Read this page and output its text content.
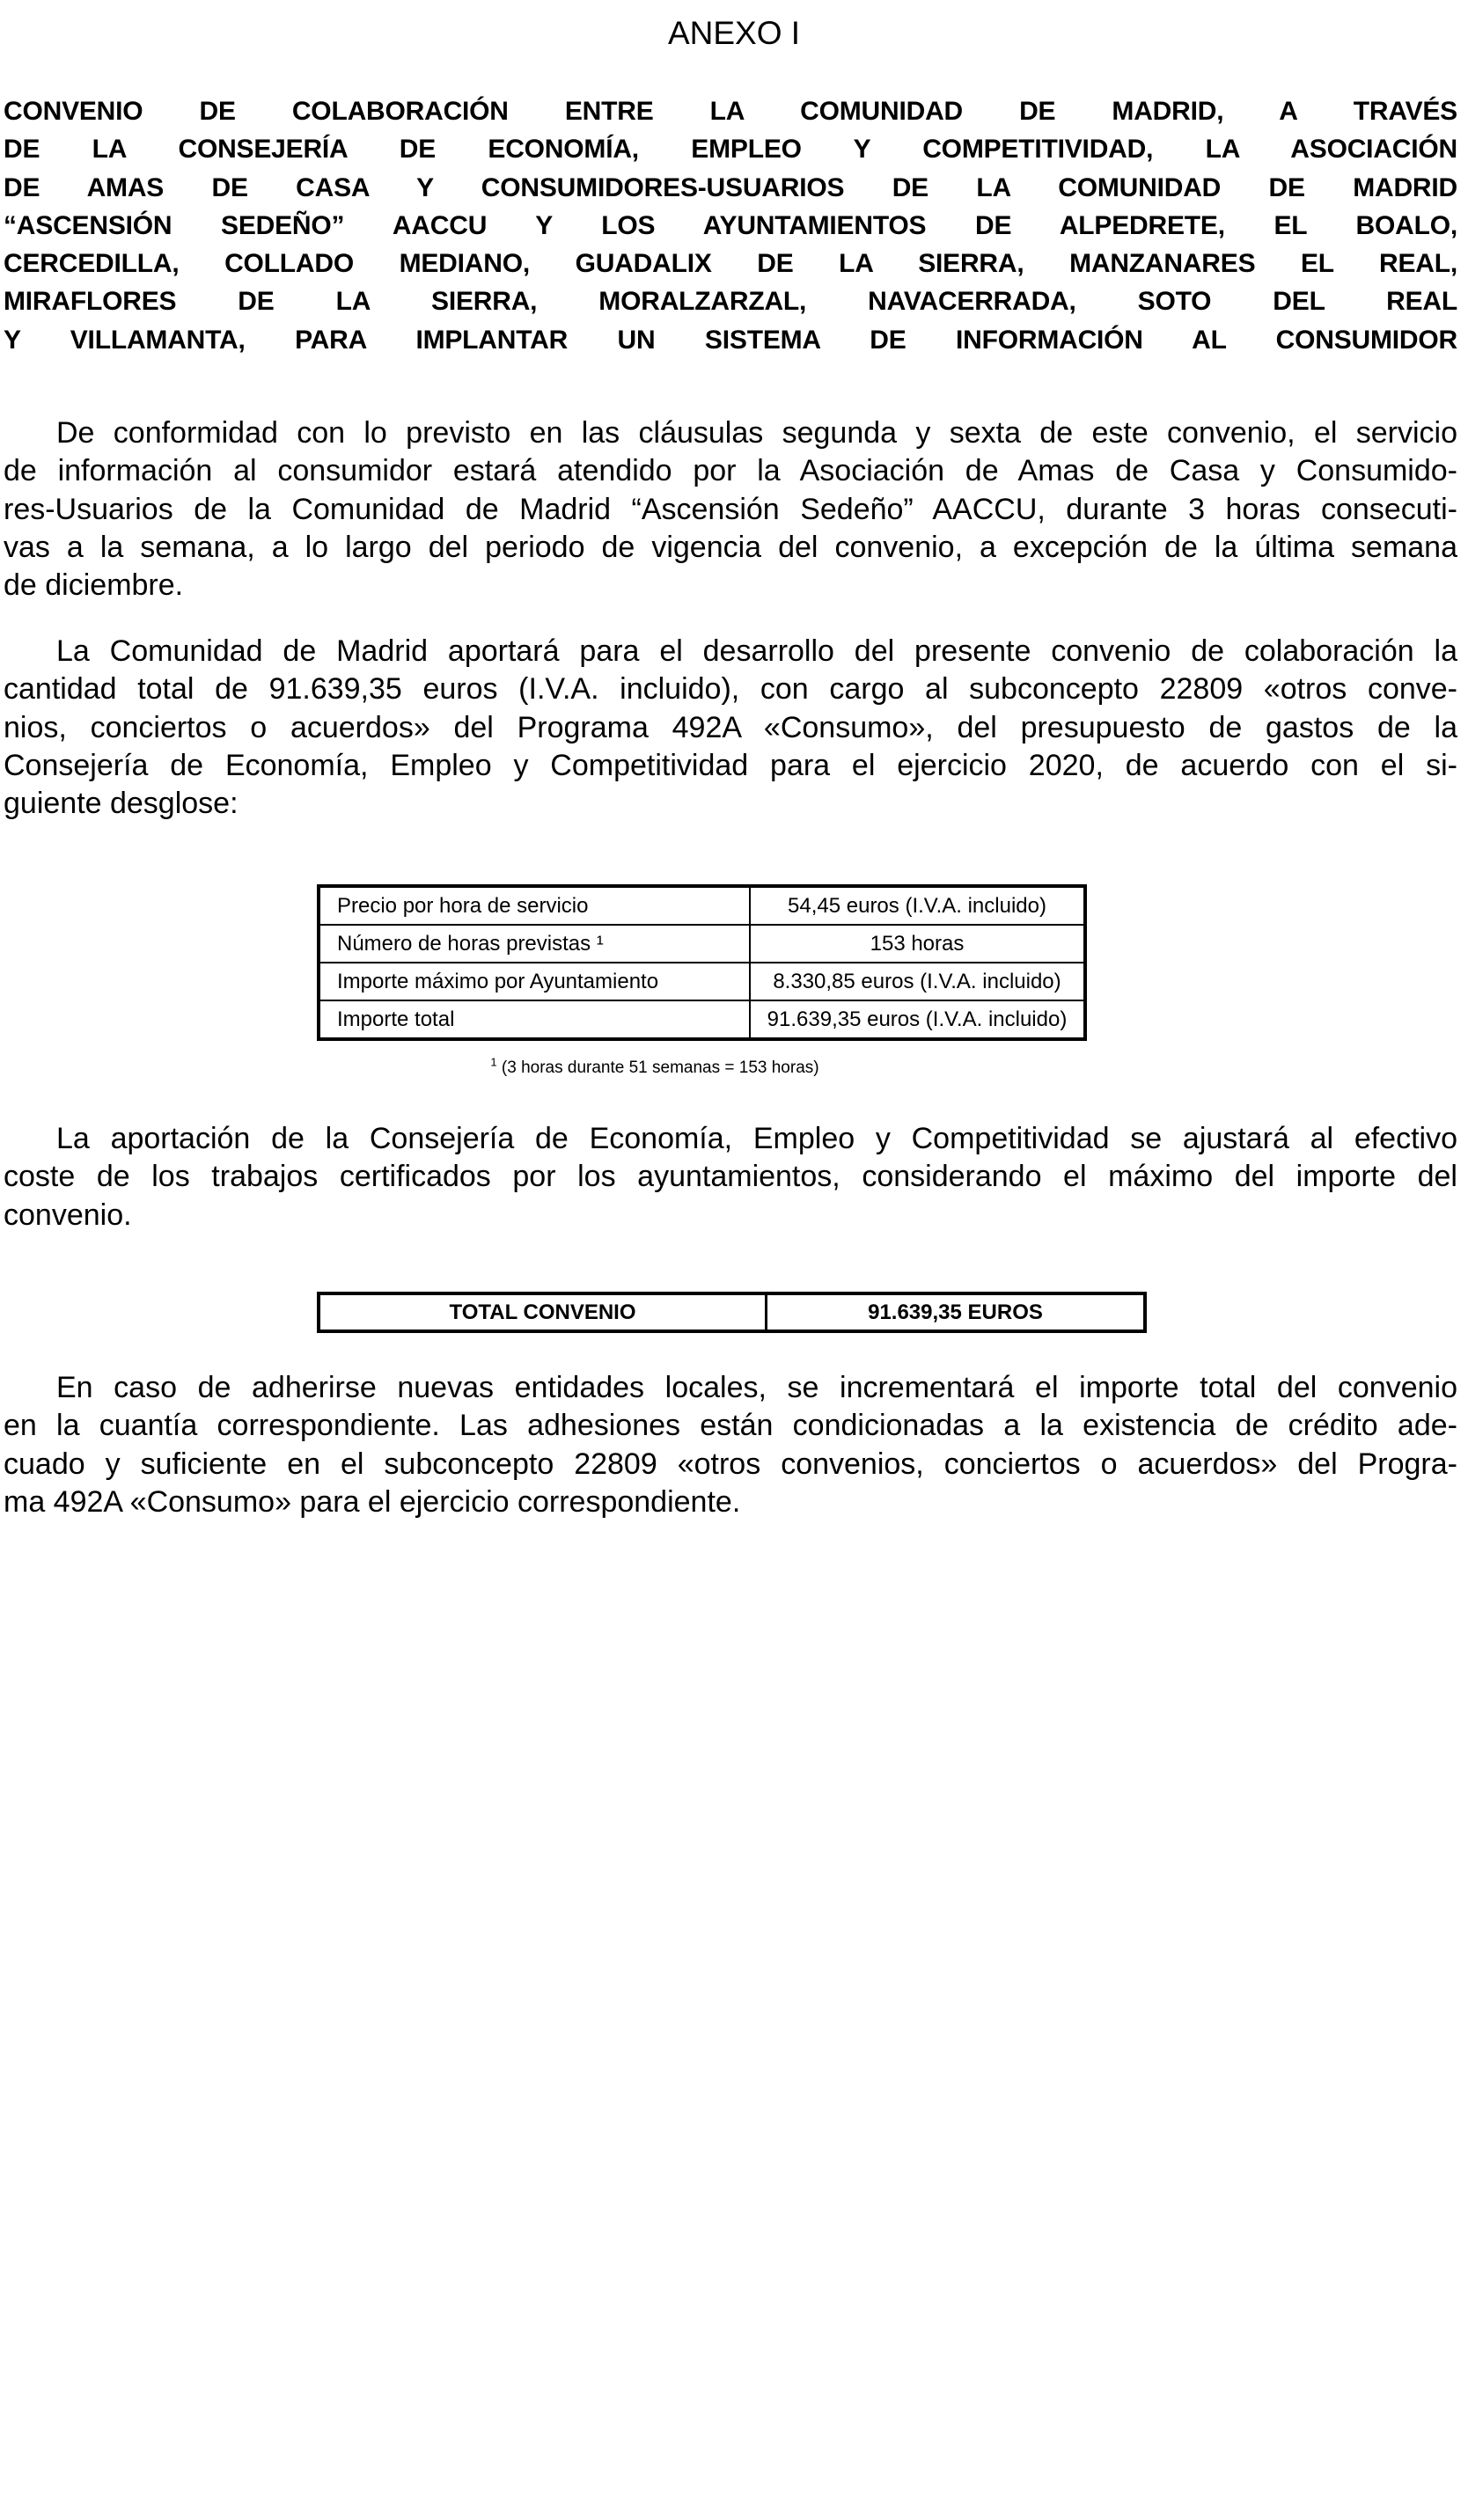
ANEXO I
CONVENIO DE COLABORACIÓN ENTRE LA COMUNIDAD DE MADRID, A TRAVÉS
DE LA CONSEJERÍA DE ECONOMÍA, EMPLEO Y COMPETITIVIDAD, LA ASOCIACIÓN
DE AMAS DE CASA Y CONSUMIDORES-USUARIOS DE LA COMUNIDAD DE MADRID
“ASCENSIÓN SEDEÑO” AACCU Y LOS AYUNTAMIENTOS DE ALPEDRETE, EL BOALO,
CERCEDILLA, COLLADO MEDIANO, GUADALIX DE LA SIERRA, MANZANARES EL REAL,
MIRAFLORES DE LA SIERRA, MORALZARZAL, NAVACERRADA, SOTO DEL REAL
Y VILLAMANTA, PARA IMPLANTAR UN SISTEMA DE INFORMACIÓN AL CONSUMIDOR
De conformidad con lo previsto en las cláusulas segunda y sexta de este convenio, el servicio
de información al consumidor estará atendido por la Asociación de Amas de Casa y Consumido-
res-Usuarios de la Comunidad de Madrid “Ascensión Sedeño” AACCU, durante 3 horas consecuti-
vas a la semana, a lo largo del periodo de vigencia del convenio, a excepción de la última semana
de diciembre.
La Comunidad de Madrid aportará para el desarrollo del presente convenio de colaboración la
cantidad total de 91.639,35 euros (I.V.A. incluido), con cargo al subconcepto 22809 «otros conve-
nios, conciertos o acuerdos» del Programa 492A «Consumo», del presupuesto de gastos de la
Consejería de Economía, Empleo y Competitividad para el ejercicio 2020, de acuerdo con el si-
guiente desglose:
Precio por hora de servicio	54,45 euros (I.V.A. incluido)
Número de horas previstas ¹	153 horas
Importe máximo por Ayuntamiento	8.330,85 euros (I.V.A. incluido)
Importe total	91.639,35 euros (I.V.A. incluido)
$^1$ (3 horas durante 51 semanas = 153 horas)
La aportación de la Consejería de Economía, Empleo y Competitividad se ajustará al efectivo
coste de los trabajos certificados por los ayuntamientos, considerando el máximo del importe del
convenio.
TOTAL CONVENIO	91.639,35 EUROS
En caso de adherirse nuevas entidades locales, se incrementará el importe total del convenio
en la cuantía correspondiente. Las adhesiones están condicionadas a la existencia de crédito ade-
cuado y suficiente en el subconcepto 22809 «otros convenios, conciertos o acuerdos» del Progra-
ma 492A «Consumo» para el ejercicio correspondiente.
